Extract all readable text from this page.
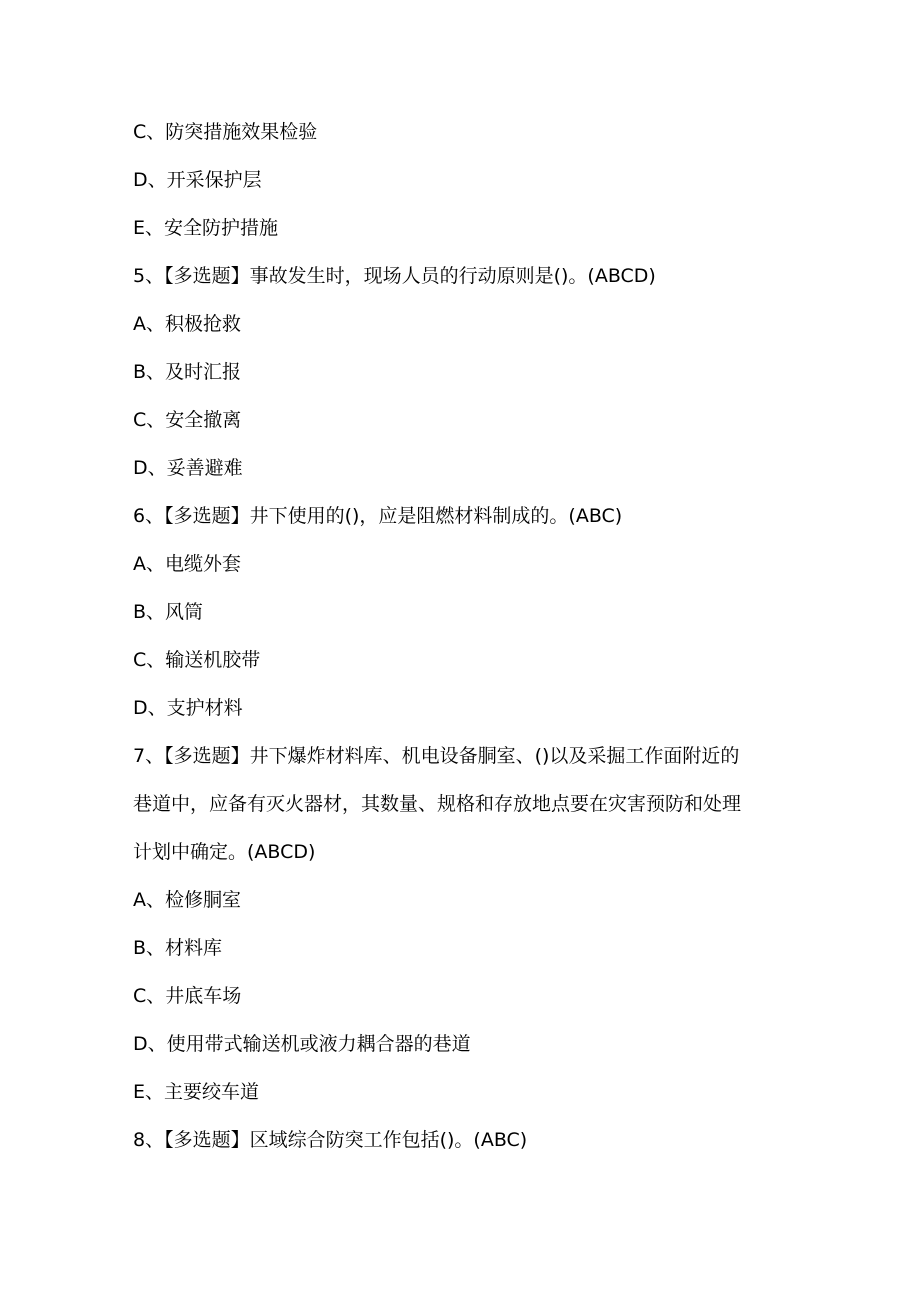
C、防突措施效果检验
D、开采保护层
E、安全防护措施
5、【多选题】事故发生时，现场人员的行动原则是()。(ABCD)
A、积极抢救
B、及时汇报
C、安全撤离
D、妥善避难
6、【多选题】井下使用的()，应是阻燃材料制成的。(ABC)
A、电缆外套
B、风筒
C、输送机胶带
D、支护材料
7、【多选题】井下爆炸材料库、机电设备胴室、()以及采掘工作面附近的
巷道中，应备有灭火器材，其数量、规格和存放地点要在灾害预防和处理
计划中确定。(ABCD)
A、检修胴室
B、材料库
C、井底车场
D、使用带式输送机或液力耦合器的巷道
E、主要绞车道
8、【多选题】区域综合防突工作包括()。(ABC)
